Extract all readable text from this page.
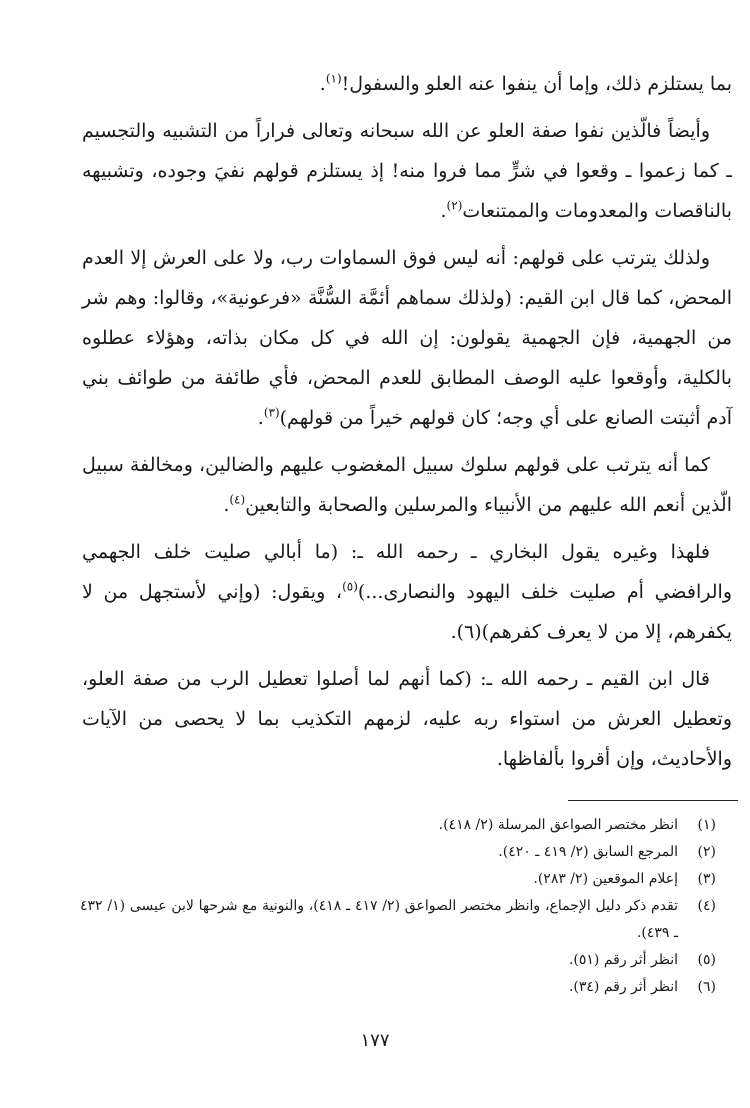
بما يستلزم ذلك، وإما أن ينفوا عنه العلو والسفول!$^{(١)}$.

وأيضاً فالّذين نفوا صفة العلو عن الله سبحانه وتعالى فراراً من التشبيه والتجسيم ـ كما زعموا ـ وقعوا في شرٍّ مما فروا منه! إذ يستلزم قولهم نفيَ وجوده، وتشبيهه بالناقصات والمعدومات والممتنعات$^{(٢)}$.

ولذلك يترتب على قولهم: أنه ليس فوق السماوات رب، ولا على العرش إلا العدم المحض، كما قال ابن القيم: (ولذلك سماهم أئمَّة السُّنَّة «فرعونية»، وقالوا: وهم شر من الجهمية، فإن الجهمية يقولون: إن الله في كل مكان بذاته، وهؤلاء عطلوه بالكلية، وأوقعوا عليه الوصف المطابق للعدم المحض، فأي طائفة من طوائف بني آدم أثبتت الصانع على أي وجه؛ كان قولهم خيراً من قولهم)$^{(٣)}$.

كما أنه يترتب على قولهم سلوك سبيل المغضوب عليهم والضالين، ومخالفة سبيل الّذين أنعم الله عليهم من الأنبياء والمرسلين والصحابة والتابعين$^{(٤)}$.

فلهذا وغيره يقول البخاري ـ رحمه الله ـ: (ما أبالي صليت خلف الجهمي والرافضي أم صليت خلف اليهود والنصارى...)$^{(٥)}$، ويقول: (وإني لأستجهل من لا يكفرهم، إلا من لا يعرف كفرهم)(٦).

قال ابن القيم ـ رحمه الله ـ: (كما أنهم لما أصلوا تعطيل الرب من صفة العلو، وتعطيل العرش من استواء ربه عليه، لزمهم التكذيب بما لا يحصى من الآيات والأحاديث، وإن أقروا بألفاظها.

(١)
انظر مختصر الصواعق المرسلة (٢/ ٤١٨).
(٢)
المرجع السابق (٢/ ٤١٩ ـ ٤٢٠).
(٣)
إعلام الموقعين (٢/ ٢٨٣).
(٤)
تقدم ذكر دليل الإجماع، وانظر مختصر الصواعق (٢/ ٤١٧ ـ ٤١٨)، والنونية مع شرحها لابن عيسى (١/ ٤٣٢ ـ ٤٣٩).
(٥)
انظر أثر رقم (٥١).
(٦)
انظر أثر رقم (٣٤).
١٧٧
